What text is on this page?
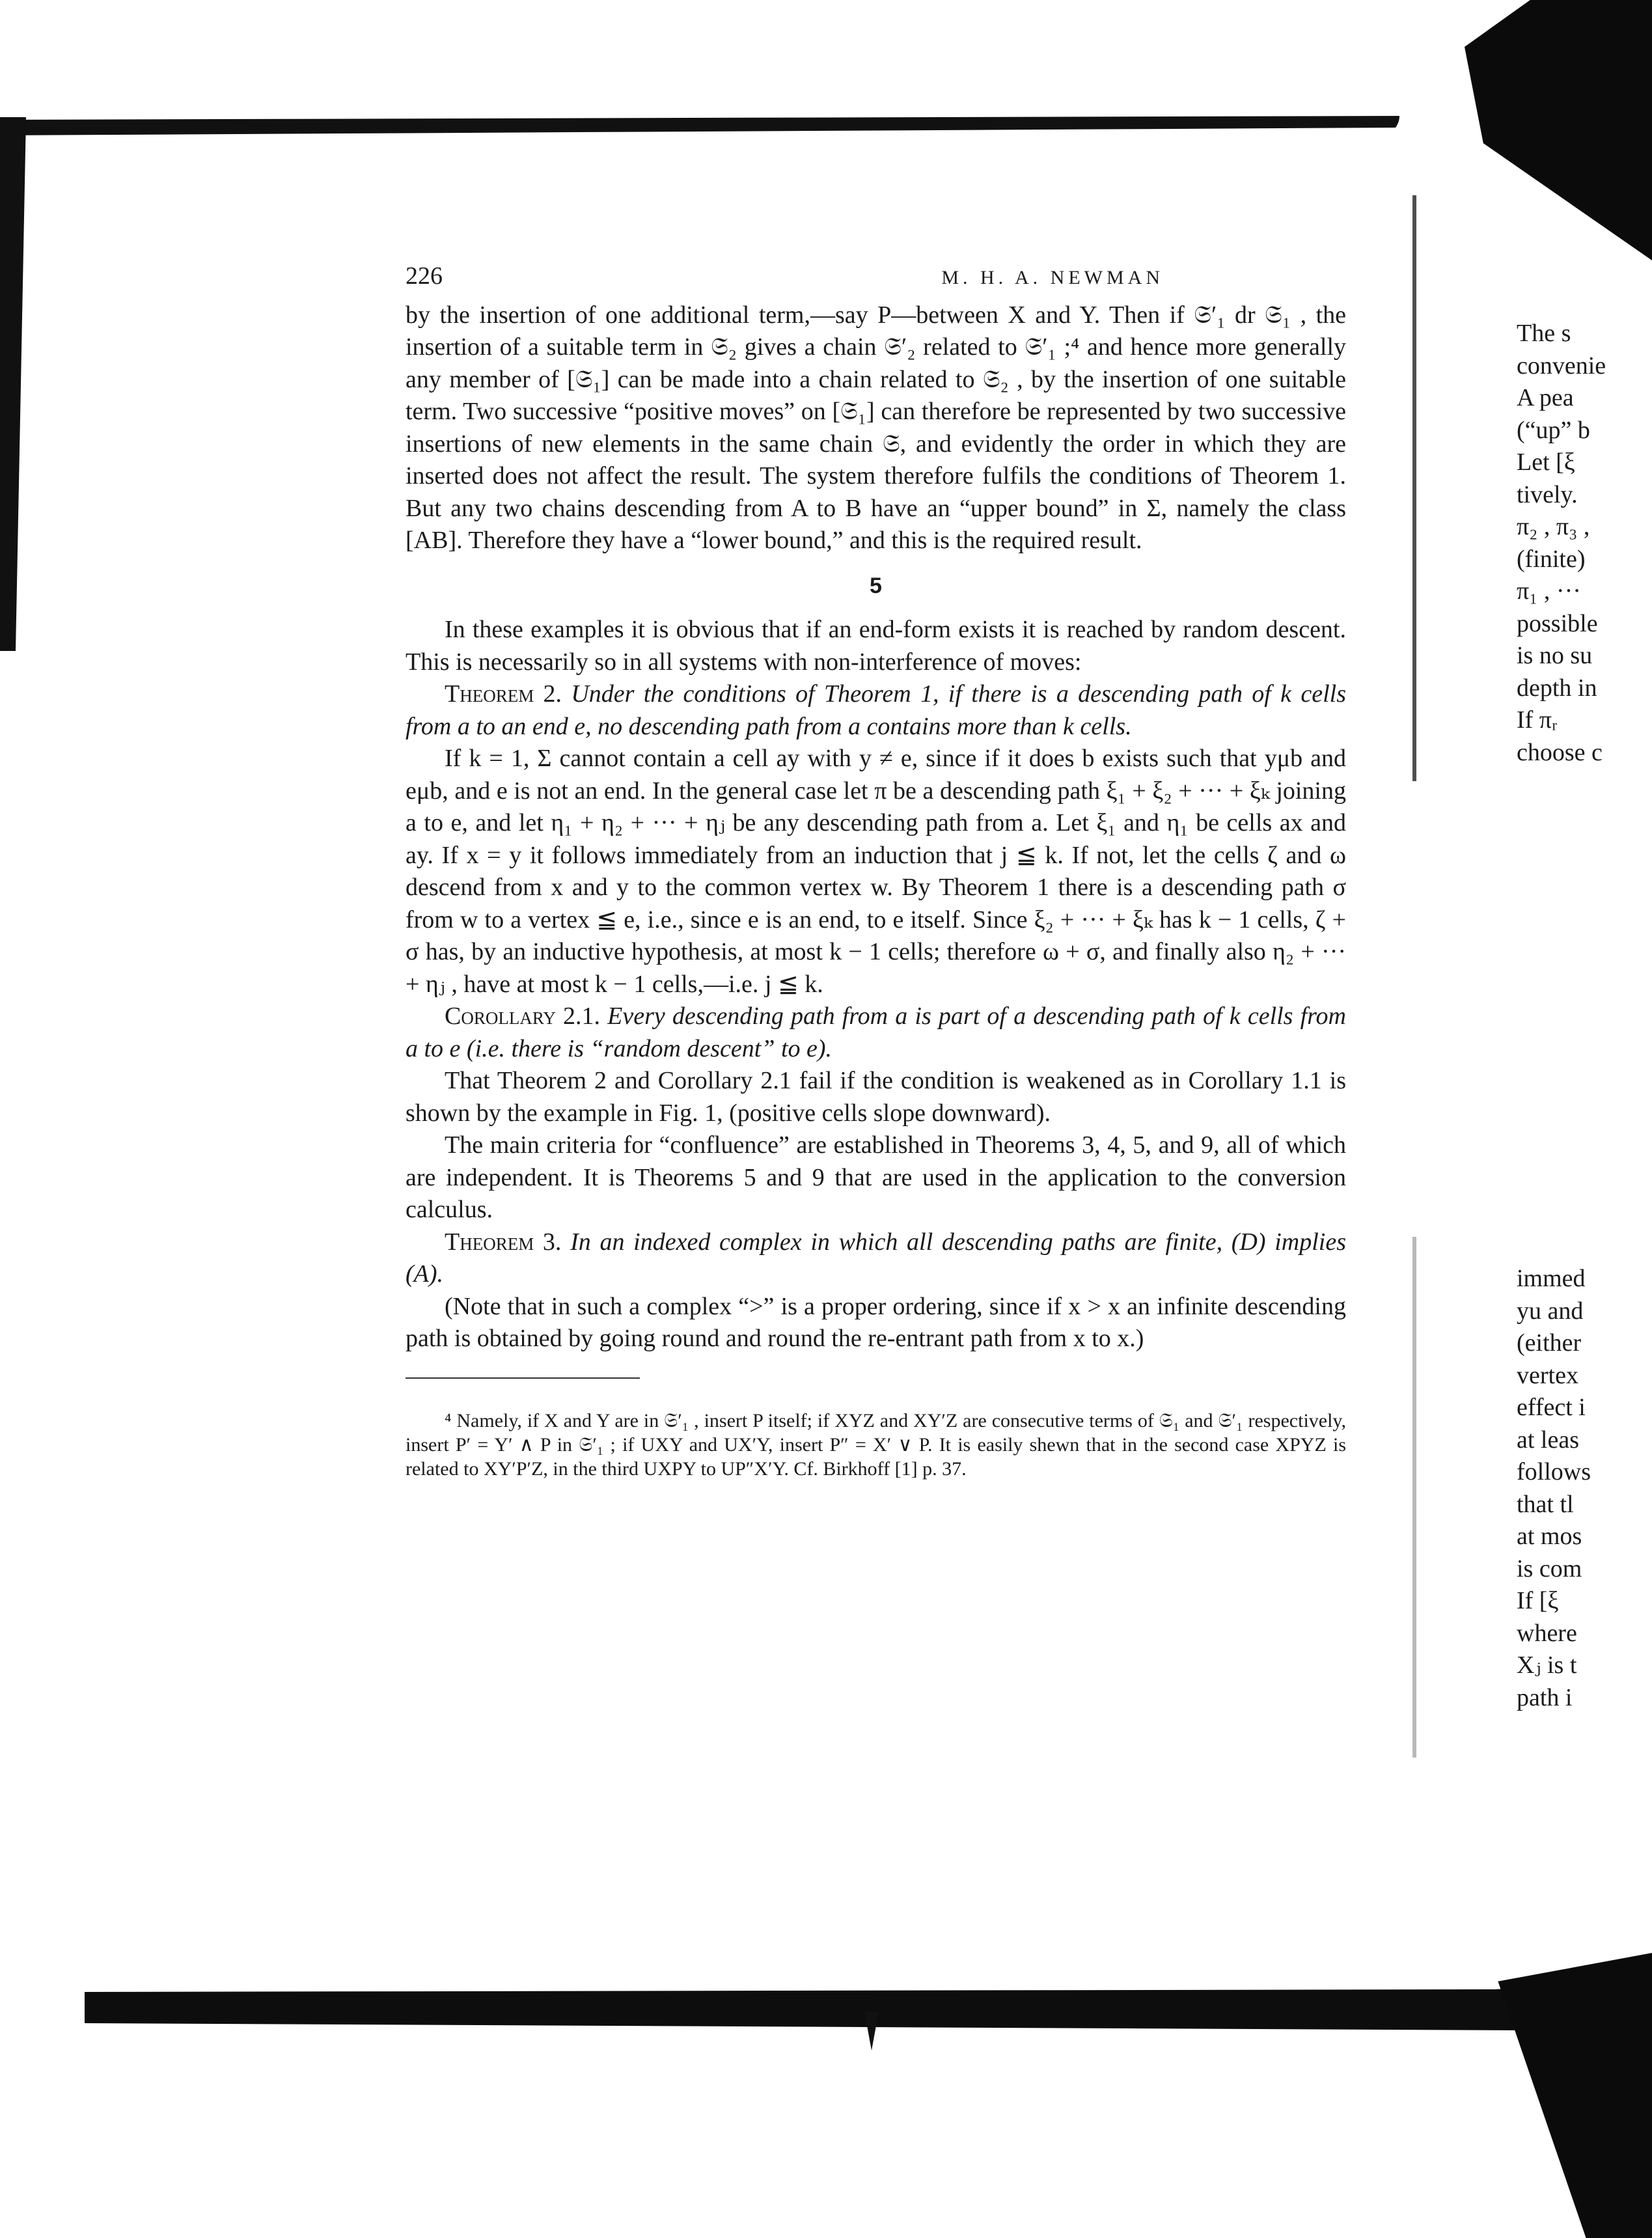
226	M. H. A. NEWMAN

by the insertion of one additional term,—say P—between X and Y. Then if 𝔖′₁ dr 𝔖₁ , the insertion of a suitable term in 𝔖₂ gives a chain 𝔖′₂ related to 𝔖′₁ ;⁴ and hence more generally any member of [𝔖₁] can be made into a chain related to 𝔖₂ , by the insertion of one suitable term. Two successive “positive moves” on [𝔖₁] can therefore be represented by two successive insertions of new elements in the same chain 𝔖, and evidently the order in which they are inserted does not affect the result. The system therefore fulfils the conditions of Theorem 1. But any two chains descending from A to B have an “upper bound” in Σ, namely the class [AB]. Therefore they have a “lower bound,” and this is the required result.

5

In these examples it is obvious that if an end-form exists it is reached by random descent. This is necessarily so in all systems with non-interference of moves:

Theorem 2. Under the conditions of Theorem 1, if there is a descending path of k cells from a to an end e, no descending path from a contains more than k cells.

If k = 1, Σ cannot contain a cell ay with y ≠ e, since if it does b exists such that yμb and eμb, and e is not an end. In the general case let π be a descending path ξ₁ + ξ₂ + ··· + ξₖ joining a to e, and let η₁ + η₂ + ··· + ηⱼ be any descending path from a. Let ξ₁ and η₁ be cells ax and ay. If x = y it follows immediately from an induction that j ≦ k. If not, let the cells ζ and ω descend from x and y to the common vertex w. By Theorem 1 there is a descending path σ from w to a vertex ≦ e, i.e., since e is an end, to e itself. Since ξ₂ + ··· + ξₖ has k − 1 cells, ζ + σ has, by an inductive hypothesis, at most k − 1 cells; therefore ω + σ, and finally also η₂ + ··· + ηⱼ , have at most k − 1 cells,—i.e. j ≦ k.

Corollary 2.1. Every descending path from a is part of a descending path of k cells from a to e (i.e. there is “random descent” to e).

That Theorem 2 and Corollary 2.1 fail if the condition is weakened as in Corollary 1.1 is shown by the example in Fig. 1, (positive cells slope downward).

The main criteria for “confluence” are established in Theorems 3, 4, 5, and 9, all of which are independent. It is Theorems 5 and 9 that are used in the application to the conversion calculus.

Theorem 3. In an indexed complex in which all descending paths are finite, (D) implies (A).

(Note that in such a complex “>” is a proper ordering, since if x > x an infinite descending path is obtained by going round and round the re-entrant path from x to x.)

⁴ Namely, if X and Y are in 𝔖′₁ , insert P itself; if XYZ and XY′Z are consecutive terms of 𝔖₁ and 𝔖′₁ respectively, insert P′ = Y′ ∧ P in 𝔖′₁ ; if UXY and UX′Y, insert P″ = X′ ∨ P. It is easily shewn that in the second case XPYZ is related to XY′P′Z, in the third UXPY to UP″X′Y. Cf. Birkhoff [1] p. 37.

The s
convenie
A pea
(“up” b
Let [ξ
tively.
π₂ , π₃ ,
(finite)
π₁ , ···
possible
is no su
depth in
If πᵣ
choose c
immed
yu and
(either
vertex
effect i
at leas
follows
that tl
at mos
is com
If [ξ
where
Xⱼ is t
path i
